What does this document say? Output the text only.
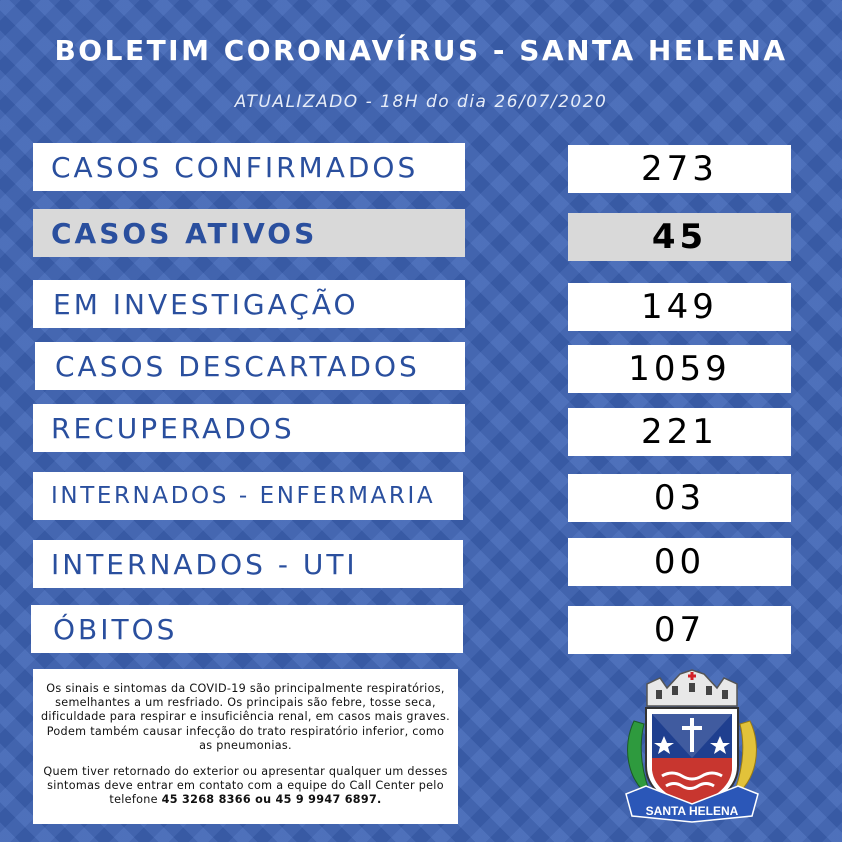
BOLETIM CORONAVÍRUS - SANTA HELENA
ATUALIZADO - 18H do dia 26/07/2020
CASOS CONFIRMADOS	273
CASOS ATIVOS	45
EM INVESTIGAÇÃO	149
CASOS DESCARTADOS	1059
RECUPERADOS	221
INTERNADOS - ENFERMARIA	03
INTERNADOS - UTI	00
ÓBITOS	07

Os sinais e sintomas da COVID-19 são principalmente respiratórios, semelhantes a um resfriado. Os principais são febre, tosse seca, dificuldade para respirar e insuficiência renal, em casos mais graves. Podem também causar infecção do trato respiratório inferior, como as pneumonias.

Quem tiver retornado do exterior ou apresentar qualquer um desses sintomas deve entrar em contato com a equipe do Call Center pelo telefone 45 3268 8366 ou 45 9 9947 6897.

SANTA HELENA
